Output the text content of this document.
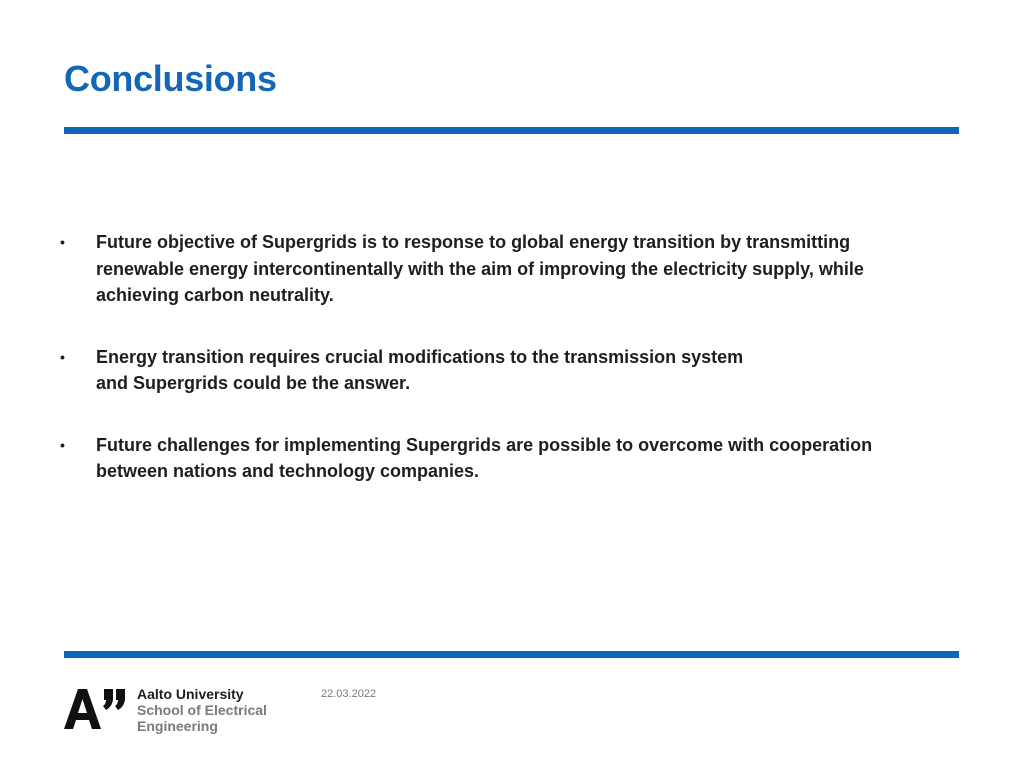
Conclusions
•	Future objective of Supergrids is to response to global energy transition by transmitting
renewable energy intercontinentally with the aim of improving the electricity supply, while
achieving carbon neutrality.
•	Energy transition requires crucial modifications to the transmission system
and Supergrids could be the answer.
•	Future challenges for implementing Supergrids are possible to overcome with cooperation
between nations and technology companies.
Aalto University
School of Electrical
Engineering
22.03.2022
